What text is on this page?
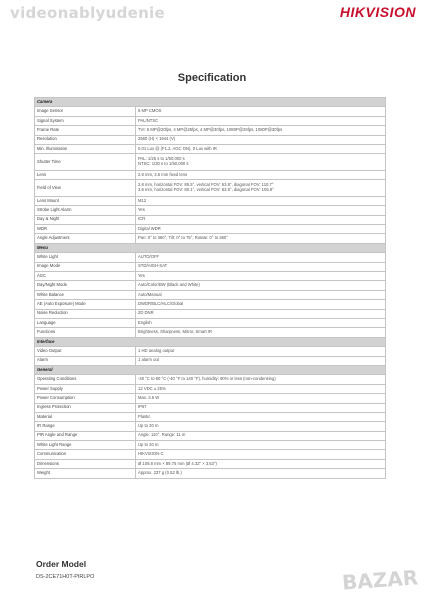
videonablyudenie	HIKVISION
Specification
Camera	
Image Sensor	5 MP CMOS

Signal System	PAL/NTSC

Frame Rate	TVI: 5 MP@20fps, 4 MP@25fps, 4 MP@30fps, 1080P@25fps, 1080P@30fps

Resolution	2560 (H) × 1944 (V)

Min. Illumination	0.01 Lux @ (F1.2, AGC ON), 0 Lux with IR

Shutter Time	PAL: 1/25 s to 1/50,000 s
NTSC: 1/30 s to 1/50,000 s

Lens	2.8 mm, 3.6 mm fixed lens

Field of View	2.8 mm, horizontal FOV: 85.5°, vertical FOV: 63.8°, diagonal FOV: 110.7°
3.6 mm, horizontal FOV: 80.1°, vertical FOV: 63.8°, diagonal FOV: 105.9°

Lens Mount	M12

Strobe Light Alarm	Yes

Day & Night	ICR

WDR	Digital WDR

Angle Adjustment	Pan: 0° to 360°, Tilt: 0° to 75°, Rotate: 0° to 360°

Menu	
White Light	AUTO/OFF

Image Mode	STD/HIGH-SAT

AGC	Yes

Day/Night Mode	Auto/Color/BW (Black and White)

White Balance	Auto/Manual

AE (Auto Exposure) Mode	DWDR/BLC/HLC/Global

Noise Reduction	2D DNR

Language	English

Functions	Brightness, Sharpness, Mirror, Smart IR

Interface	
Video Output	1 HD analog output

Alarm	1 alarm out

General	
Operating Conditions	-40 °C to 60 °C (-40 °F to 140 °F), humidity: 90% or less (non-condensing)

Power Supply	12 VDC ± 25%

Power Consumption	Max. 3.5 W

Ingress Protection	IP67

Material	Plastic

IR Range	Up to 20 m

PIR Angle and Range	Angle: 110°, Range: 11 m

White Light Range	Up to 20 m

Communication	HIKVISION-C

Dimensions	Ø 109.8 mm × 89.75 mm (Ø 4.32" × 3.53")

Weight	Approx. 237 g (0.52 lb.)
Order Model
DS-2CE71H0T-PIRLPO	BAZAR
